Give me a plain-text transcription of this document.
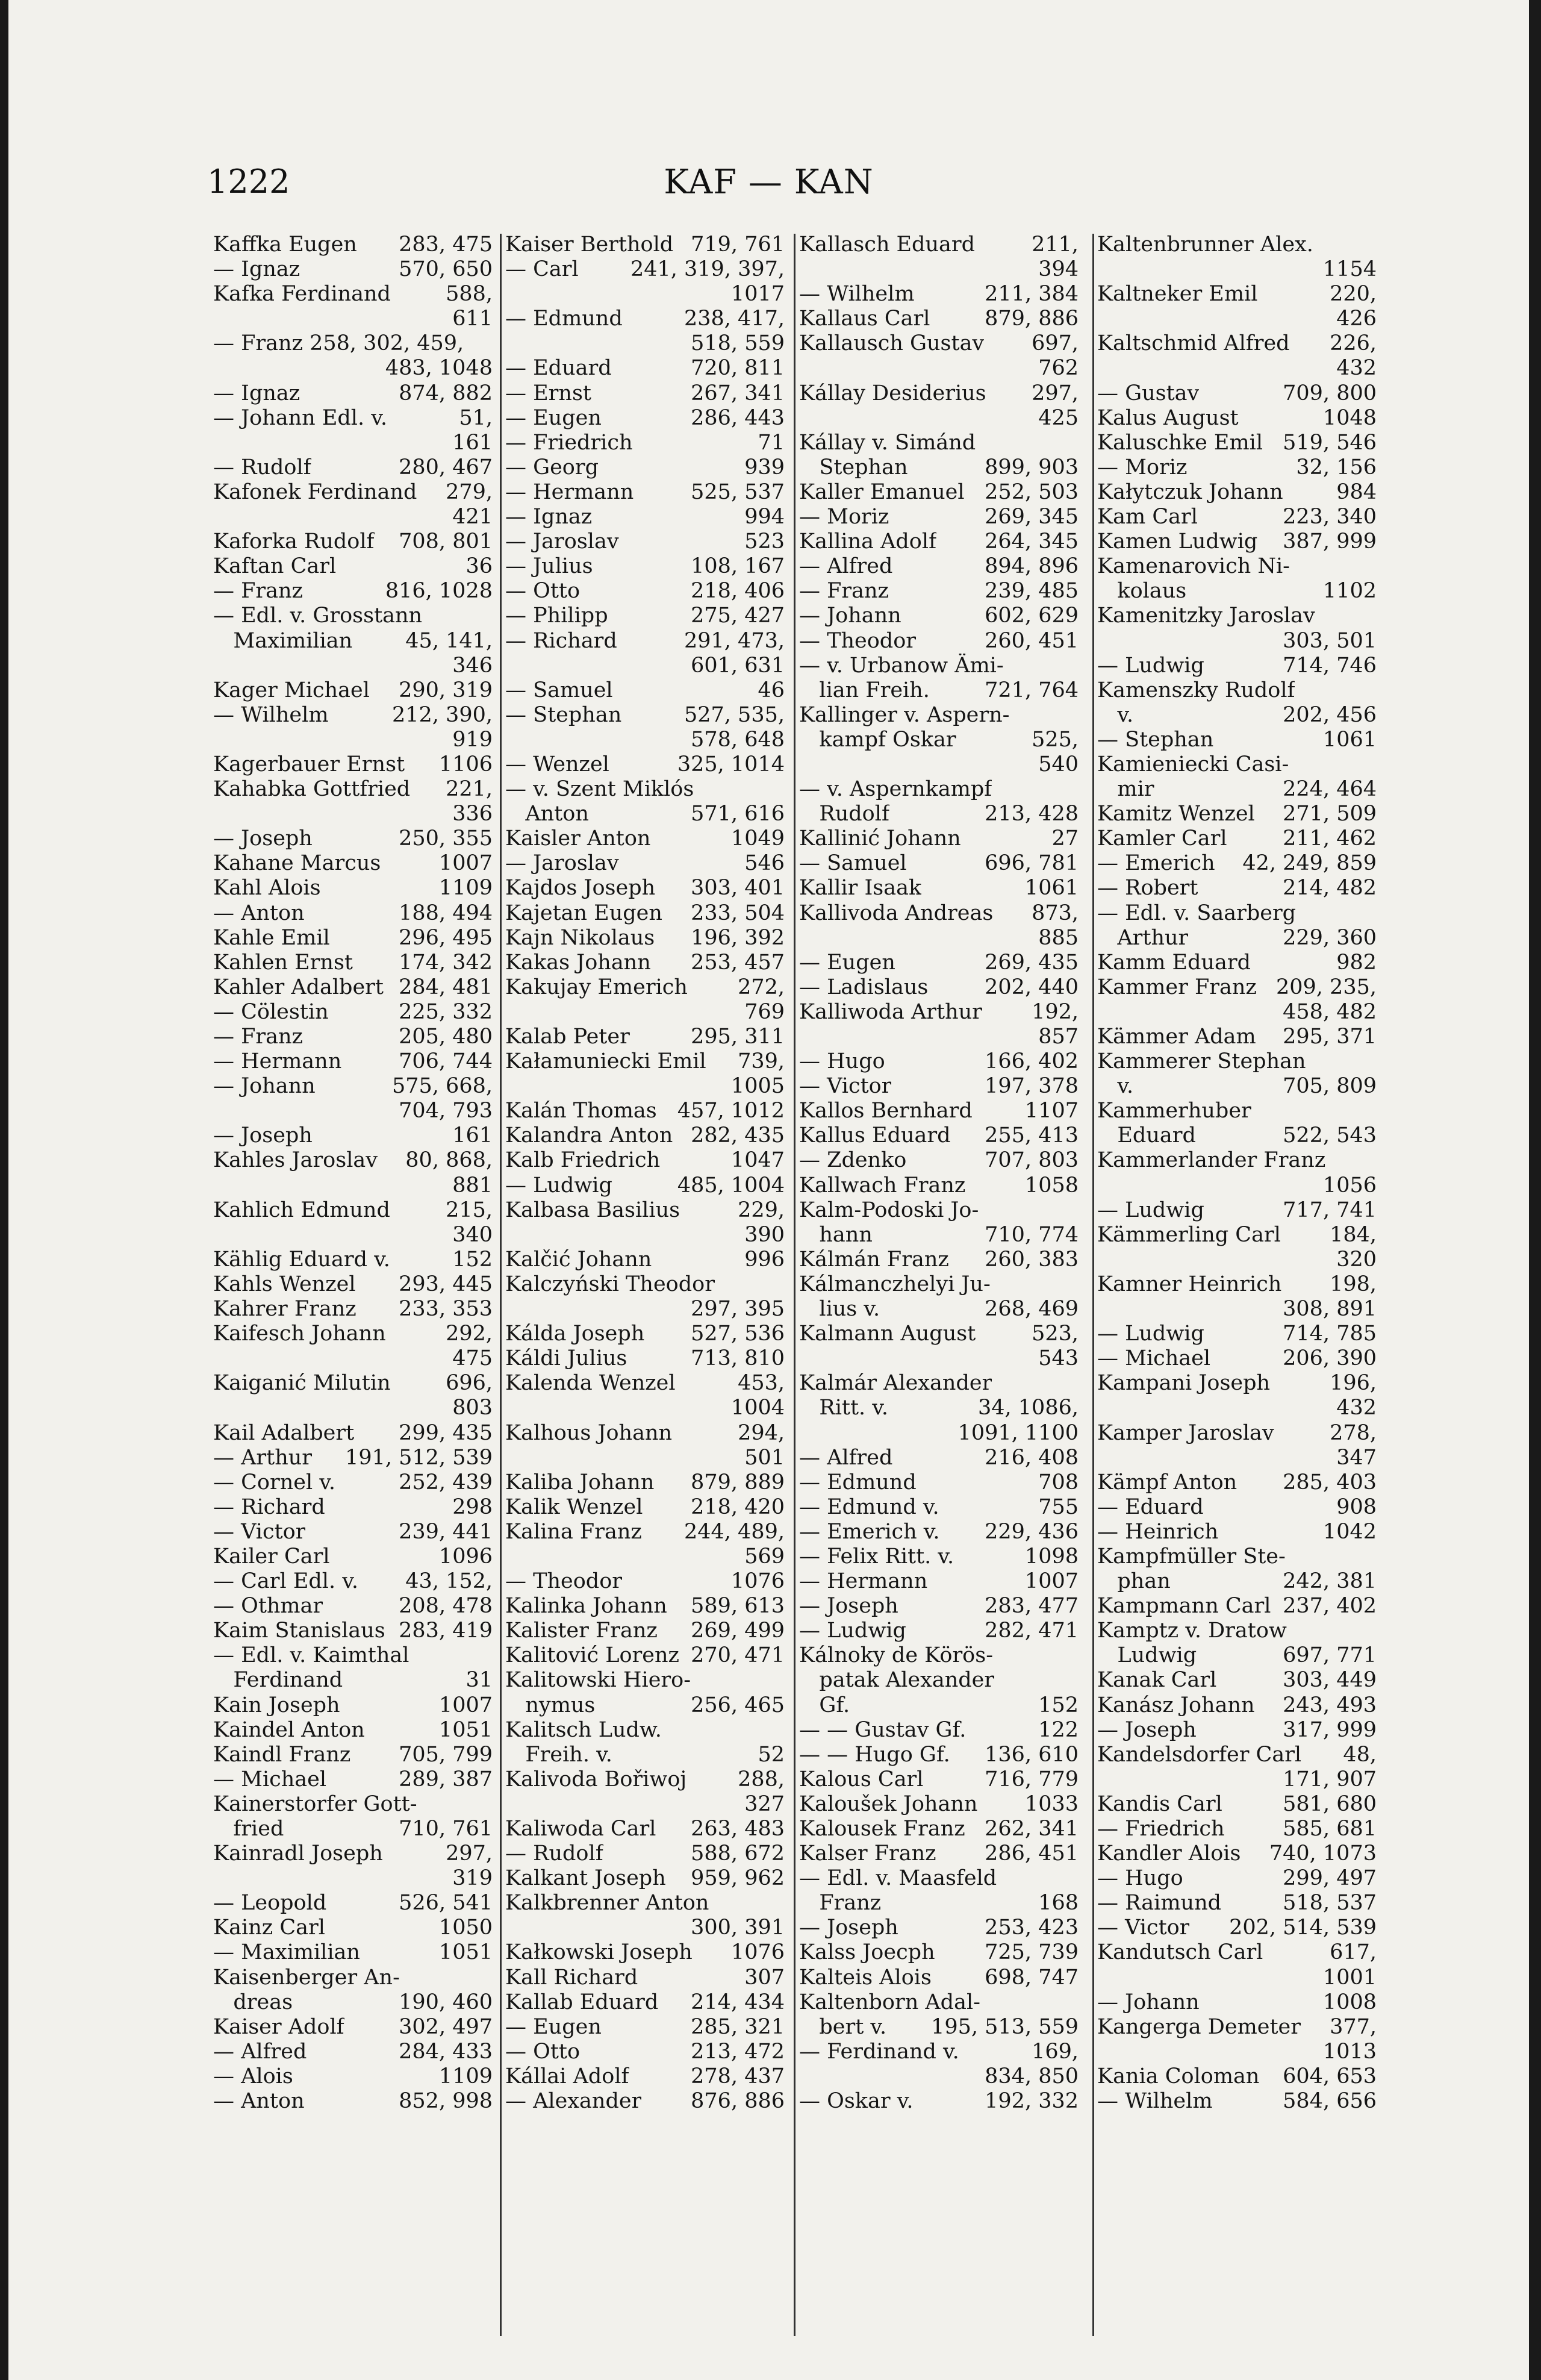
KAF — KAN
1222
Kaffka Eugen 283, 475
— Ignaz	570, 650
Kafka Ferdinand	588,
611
— Franz 258, 302, 459,
483, 1048
— Ignaz	874, 882
— Johann Edl. v.	51,
161
— Rudolf	280, 467
Kafonek Ferdinand 279,
421
Kaforka Rudolf 708, 801
Kaftan Carl	36
— Franz	816, 1028
— Edl. v. Grosstann
Maximilian	45, 141,
346
Kager Michael 290, 319
— Wilhelm	212, 390,
919
Kagerbauer Ernst 1106
Kahabka Gottfried 221,
336
— Joseph	250, 355
Kahane Marcus	1007
Kahl Alois	1109
— Anton	188, 494
Kahle Emil	296, 495
Kahlen Ernst 174, 342
Kahler Adalbert 284, 481
— Cölestin	225, 332
— Franz	205, 480
— Hermann	706, 744
— Johann	575, 668,
704, 793
— Joseph	161
Kahles Jaroslav 80, 868,
881
Kahlich Edmund	215,
340
Kählig Eduard v.	152
Kahls Wenzel 293, 445
Kahrer Franz 233, 353
Kaifesch Johann	292,
475
Kaiganić Milutin	696,
803
Kail Adalbert 299, 435
— Arthur 191, 512, 539
— Cornel v.	252, 439
— Richard	298
— Victor	239, 441
Kailer Carl	1096
— Carl Edl. v. 43, 152,
— Othmar	208, 478
Kaim Stanislaus 283, 419
— Edl. v. Kaimthal
Ferdinand	31
Kain Joseph	1007
Kaindel Anton	1051
Kaindl Franz 705, 799
— Michael	289, 387
Kainerstorfer Gott-
fried	710, 761
Kainradl Joseph	297,
319
— Leopold	526, 541
Kainz Carl	1050
— Maximilian	1051
Kaisenberger An-
dreas	190, 460
Kaiser Adolf	302, 497
— Alfred	284, 433
— Alois	1109
— Anton	852, 998
Kaiser Berthold 719, 761
— Carl 241, 319, 397,
1017
— Edmund	238, 417,
518, 559
— Eduard	720, 811
— Ernst	267, 341
— Eugen	286, 443
— Friedrich	71
— Georg	939
— Hermann	525, 537
— Ignaz	994
— Jaroslav	523
— Julius	108, 167
— Otto	218, 406
— Philipp	275, 427
— Richard	291, 473,
601, 631
— Samuel	46
— Stephan	527, 535,
578, 648
— Wenzel	325, 1014
— v. Szent Miklós
Anton	571, 616
Kaisler Anton	1049
— Jaroslav	546
Kajdos Joseph 303, 401
Kajetan Eugen 233, 504
Kajn Nikolaus 196, 392
Kakas Johann 253, 457
Kakujay Emerich 272,
769
Kalab Peter	295, 311
Kałamuniecki Emil 739,
1005
Kalán Thomas 457, 1012
Kalandra Anton 282, 435
Kalb Friedrich	1047
— Ludwig	485, 1004
Kalbasa Basilius	229,
390
Kalčić Johann	996
Kalczyński Theodor
297, 395
Kálda Joseph 527, 536
Káldi Julius	713, 810
Kalenda Wenzel	453,
1004
Kalhous Johann	294,
501
Kaliba Johann 879, 889
Kalik Wenzel 218, 420
Kalina Franz 244, 489,
569
— Theodor	1076
Kalinka Johann 589, 613
Kalister Franz 269, 499
Kalitović Lorenz 270, 471
Kalitowski Hiero-
nymus	256, 465
Kalitsch Ludw.
Freih. v.	52
Kalivoda Bořiwoj 288,
327
Kaliwoda Carl 263, 483
— Rudolf	588, 672
Kalkant Joseph 959, 962
Kalkbrenner Anton
300, 391
Kałkowski Joseph 1076
Kall Richard	307
Kallab Eduard 214, 434
— Eugen	285, 321
— Otto	213, 472
Kállai Adolf	278, 437
— Alexander 876, 886
Kallasch Eduard	211,
394
— Wilhelm	211, 384
Kallaus Carl	879, 886
Kallausch Gustav 697,
762
Kállay Desiderius 297,
425
Kállay v. Simánd
Stephan	899, 903
Kaller Emanuel 252, 503
— Moriz	269, 345
Kallina Adolf 264, 345
— Alfred	894, 896
— Franz	239, 485
— Johann	602, 629
— Theodor	260, 451
— v. Urbanow Ämi-
lian Freih.	721, 764
Kallinger v. Aspern-
kampf Oskar	525,
540
— v. Aspernkampf
Rudolf	213, 428
Kallinić Johann	27
— Samuel	696, 781
Kallir Isaak	1061
Kallivoda Andreas 873,
885
— Eugen	269, 435
— Ladislaus	202, 440
Kalliwoda Arthur 192,
857
— Hugo	166, 402
— Victor	197, 378
Kallos Bernhard 1107
Kallus Eduard 255, 413
— Zdenko	707, 803
Kallwach Franz	1058
Kalm-Podoski Jo-
hann	710, 774
Kálmán Franz 260, 383
Kálmanczhelyi Ju-
lius v.	268, 469
Kalmann August	523,
543
Kalmár Alexander
Ritt. v.	34, 1086,
1091, 1100
— Alfred	216, 408
— Edmund	708
— Edmund v.	755
— Emerich v. 229, 436
— Felix Ritt. v.	1098
— Hermann	1007
— Joseph	283, 477
— Ludwig	282, 471
Kálnoky de Körös-
patak Alexander
Gf.	152
— — Gustav Gf.	122
— — Hugo Gf. 136, 610
Kalous Carl	716, 779
Kaloušek Johann 1033
Kalousek Franz 262, 341
Kalser Franz 286, 451
— Edl. v. Maasfeld
Franz	168
— Joseph	253, 423
Kalss Joecph 725, 739
Kalteis Alois	698, 747
Kaltenborn Adal-
bert v. 195, 513, 559
— Ferdinand v.	169,
834, 850
— Oskar v.	192, 332
Kaltenbrunner Alex.
1154
Kaltneker Emil	220,
426
Kaltschmid Alfred 226,
432
— Gustav	709, 800
Kalus August	1048
Kaluschke Emil 519, 546
— Moriz	32, 156
Kałytczuk Johann	984
Kam Carl	223, 340
Kamen Ludwig 387, 999
Kamenarovich Ni-
kolaus	1102
Kamenitzky Jaroslav
303, 501
— Ludwig	714, 746
Kamenszky Rudolf
v.	202, 456
— Stephan	1061
Kamieniecki Casi-
mir	224, 464
Kamitz Wenzel 271, 509
Kamler Carl	211, 462
— Emerich 42, 249, 859
— Robert	214, 482
— Edl. v. Saarberg
Arthur	229, 360
Kamm Eduard	982
Kammer Franz 209, 235,
458, 482
Kämmer Adam 295, 371
Kammerer Stephan
v.	705, 809
Kammerhuber
Eduard	522, 543
Kammerlander Franz
1056
— Ludwig	717, 741
Kämmerling Carl 184,
320
Kamner Heinrich 198,
308, 891
— Ludwig	714, 785
— Michael	206, 390
Kampani Joseph	196,
432
Kamper Jaroslav	278,
347
Kämpf Anton 285, 403
— Eduard	908
— Heinrich	1042
Kampfmüller Ste-
phan	242, 381
Kampmann Carl 237, 402
Kamptz v. Dratow
Ludwig	697, 771
Kanak Carl	303, 449
Kanász Johann 243, 493
— Joseph	317, 999
Kandelsdorfer Carl 48,
171, 907
Kandis Carl	581, 680
— Friedrich	585, 681
Kandler Alois 740, 1073
— Hugo	299, 497
— Raimund	518, 537
— Victor 202, 514, 539
Kandutsch Carl	617,
1001
— Johann	1008
Kangerga Demeter 377,
1013
Kania Coloman 604, 653
— Wilhelm	584, 656
